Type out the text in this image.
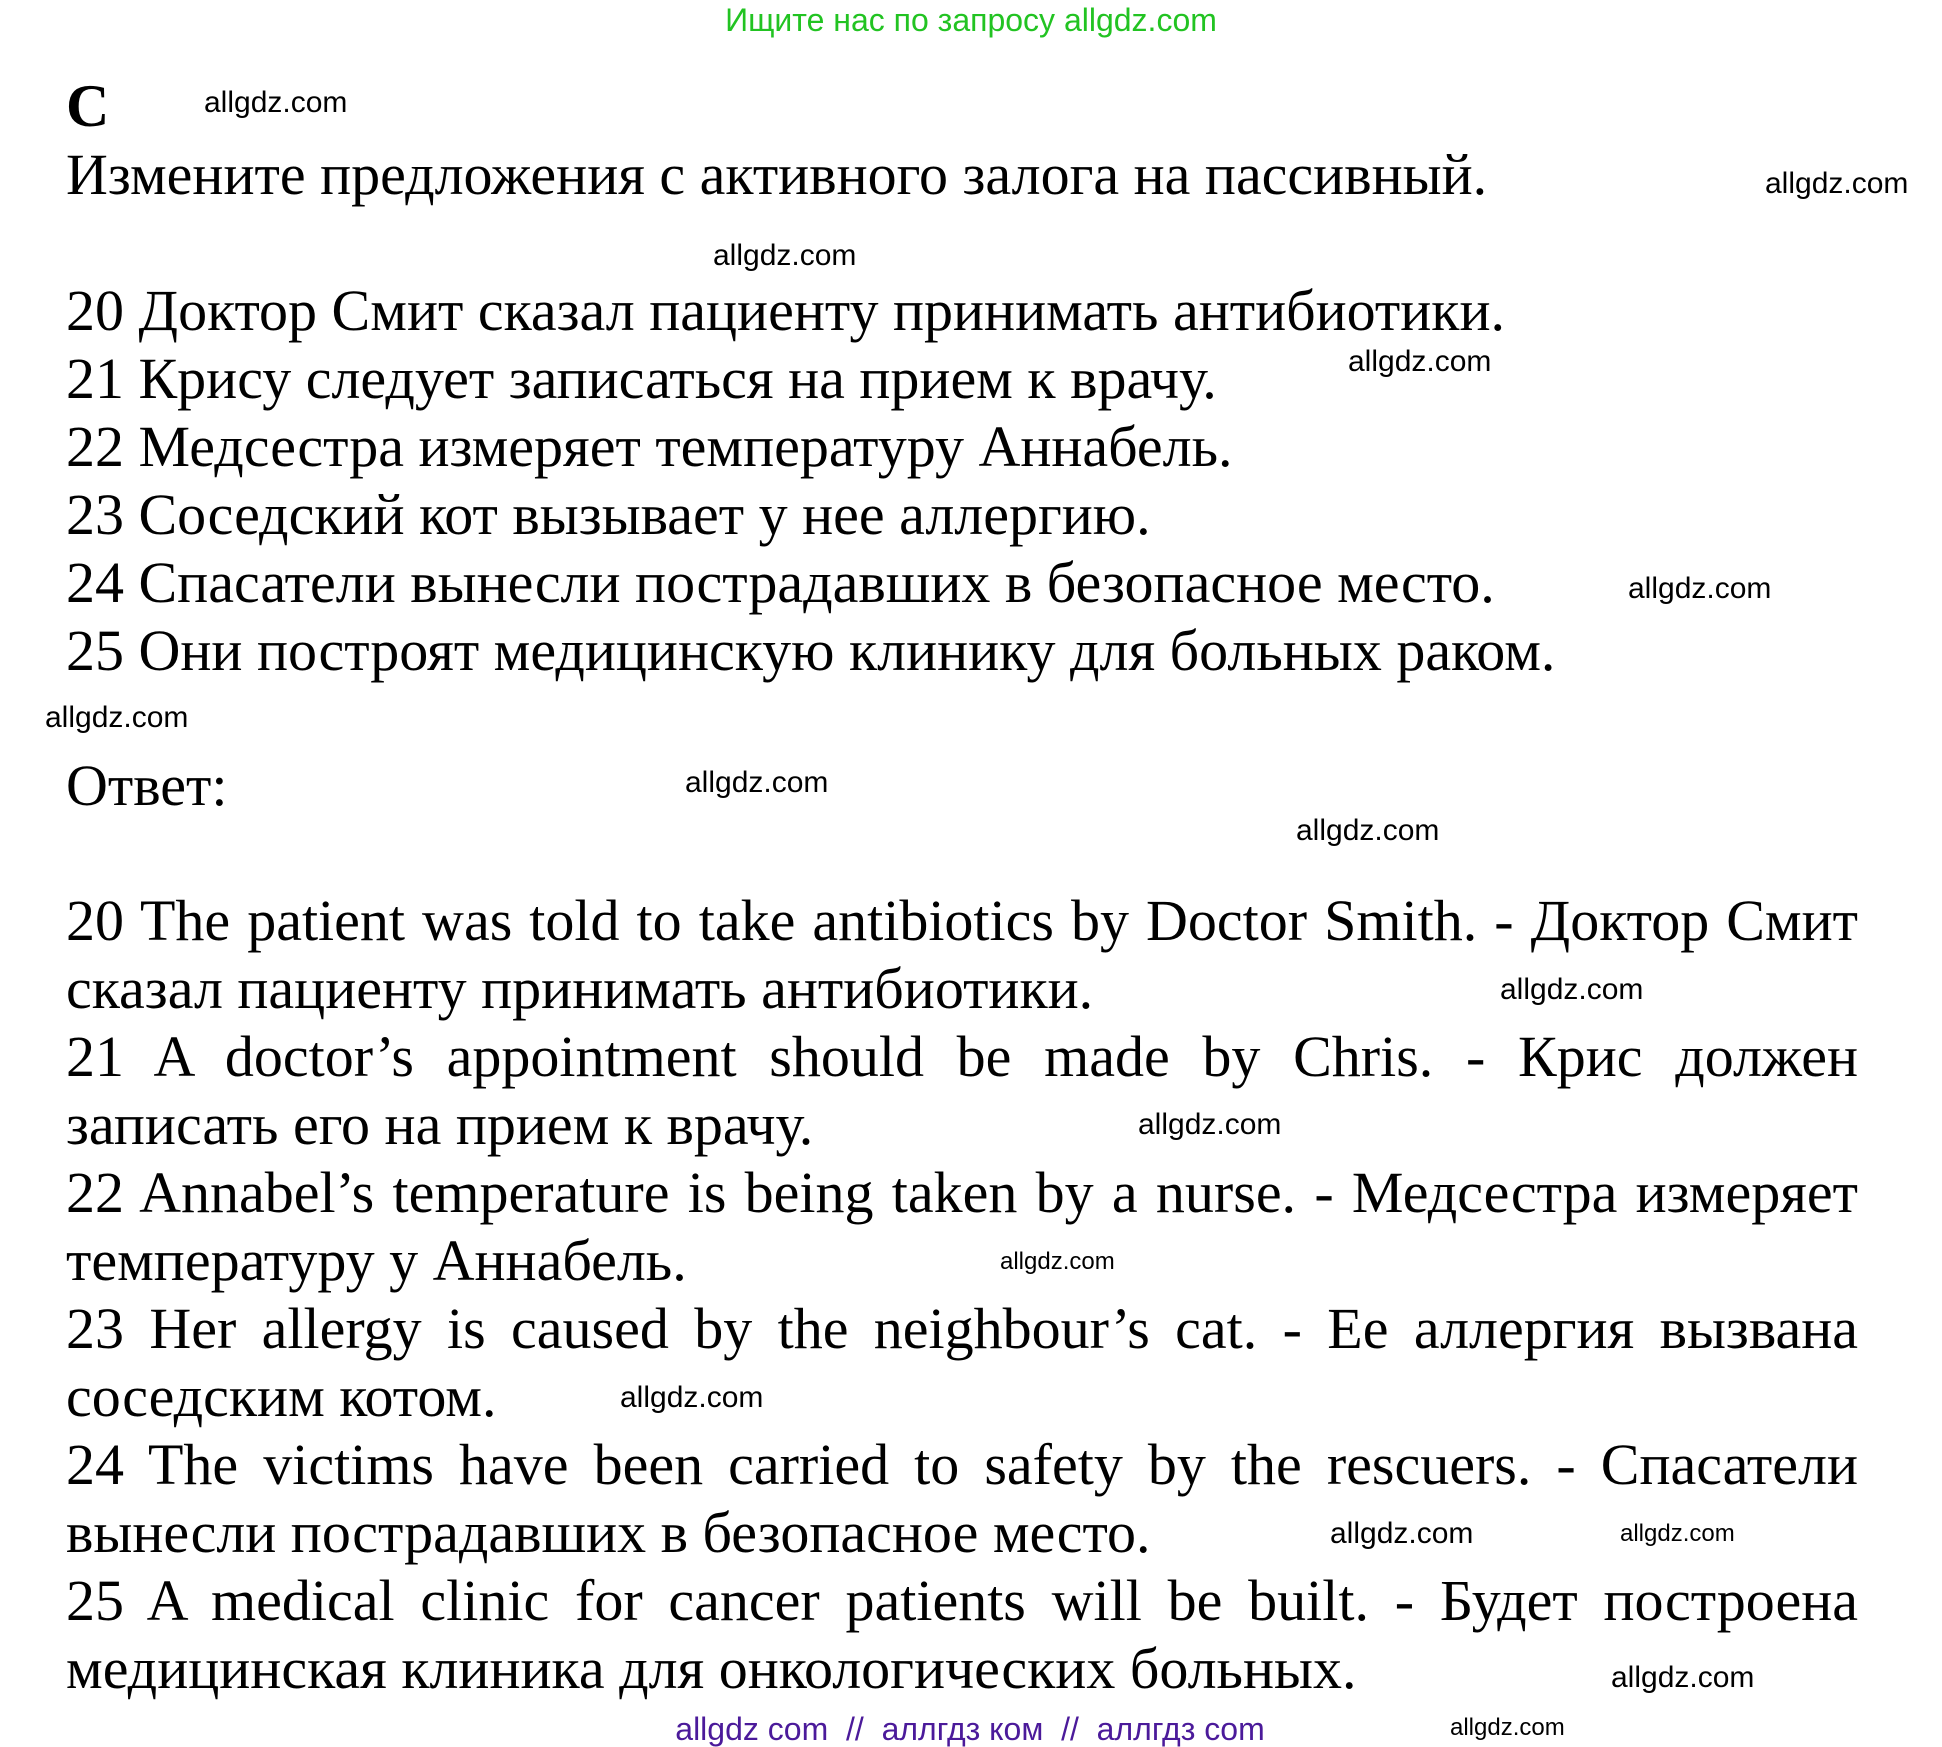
Ищите нас по запросу allgdz.com
C
Измените предложения с активного залога на пассивный.
20 Доктор Смит сказал пациенту принимать антибиотики.
21 Крису следует записаться на прием к врачу.
22 Медсестра измеряет температуру Аннабель.
23 Соседский кот вызывает у нее аллергию.
24 Спасатели вынесли пострадавших в безопасное место.
25 Они построят медицинскую клинику для больных раком.
Ответ:

20 The patient was told to take antibiotics by Doctor Smith. - Доктор Смит сказал пациенту принимать антибиотики.

21 A doctor’s appointment should be made by Chris. - Крис должен записать его на прием к врачу.

22 Annabel’s temperature is being taken by a nurse. - Медсестра измеряет температуру у Аннабель.

23 Her allergy is caused by the neighbour’s cat. - Ее аллергия вызвана соседским котом.

24 The victims have been carried to safety by the rescuers. - Спасатели вынесли пострадавших в безопасное место.

25 A medical clinic for cancer patients will be built. - Будет построена медицинская клиника для онкологических больных.

allgdz.com
allgdz.com
allgdz.com
allgdz.com
allgdz.com
allgdz.com
allgdz.com
allgdz.com
allgdz.com
allgdz.com
allgdz.com
allgdz.com
allgdz.com
allgdz.com
allgdz.com
allgdz.com
allgdz com  //  аллгдз ком  //  аллгдз com
